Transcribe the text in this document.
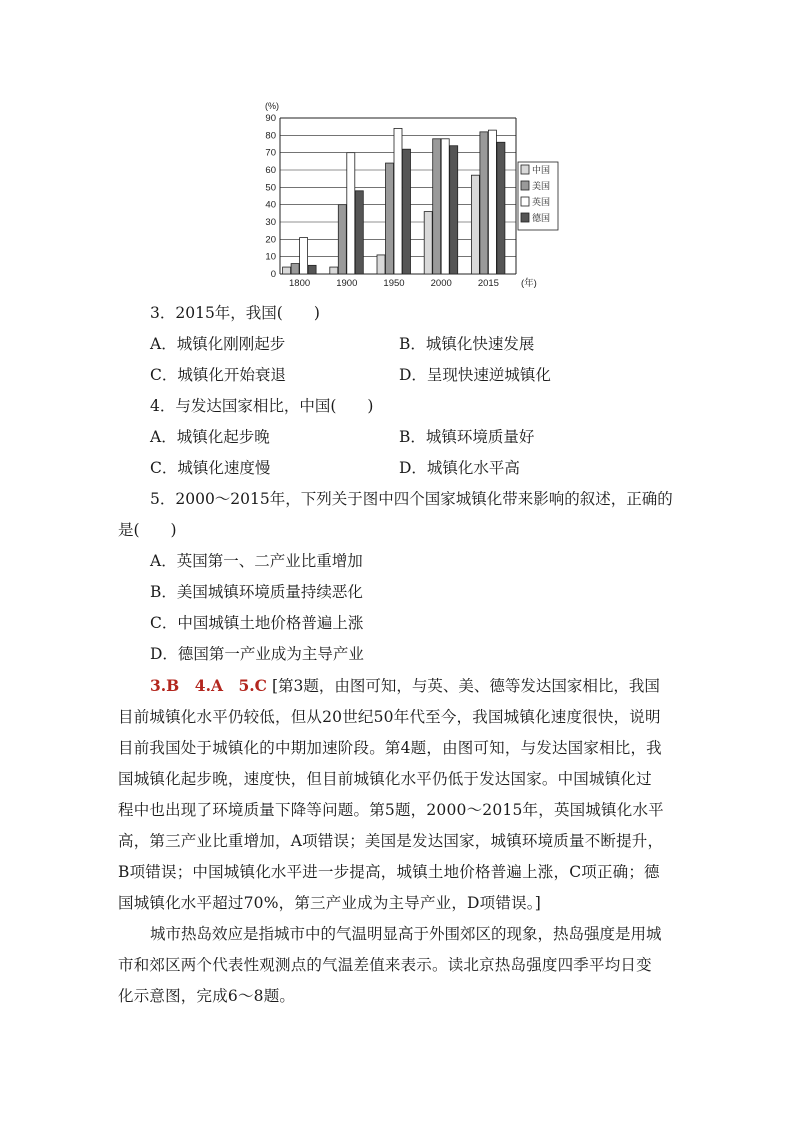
(%)
(年)
0
10
20
30
40
50
60
70
80
90
1800	1900	1950	2000	2015
中国
美国
英国
德国
3．2015年，我国(　　)
A．城镇化刚刚起步	B．城镇化快速发展
C．城镇化开始衰退	D．呈现快速逆城镇化
4．与发达国家相比，中国(　　)
A．城镇化起步晚	B．城镇环境质量好
C．城镇化速度慢	D．城镇化水平高
5．2000～2015年，下列关于图中四个国家城镇化带来影响的叙述，正确的
是(　　)
A．英国第一、二产业比重增加
B．美国城镇环境质量持续恶化
C．中国城镇土地价格普遍上涨
D．德国第一产业成为主导产业
3.B　4.A　5.C [第3题，由图可知，与英、美、德等发达国家相比，我国
目前城镇化水平仍较低，但从20世纪50年代至今，我国城镇化速度很快，说明
目前我国处于城镇化的中期加速阶段。第4题，由图可知，与发达国家相比，我
国城镇化起步晚，速度快，但目前城镇化水平仍低于发达国家。中国城镇化过
程中也出现了环境质量下降等问题。第5题，2000～2015年，英国城镇化水平
高，第三产业比重增加，A项错误；美国是发达国家，城镇环境质量不断提升，
B项错误；中国城镇化水平进一步提高，城镇土地价格普遍上涨，C项正确；德
国城镇化水平超过70%，第三产业成为主导产业，D项错误。]
城市热岛效应是指城市中的气温明显高于外围郊区的现象，热岛强度是用城
市和郊区两个代表性观测点的气温差值来表示。读北京热岛强度四季平均日变
化示意图，完成6～8题。
